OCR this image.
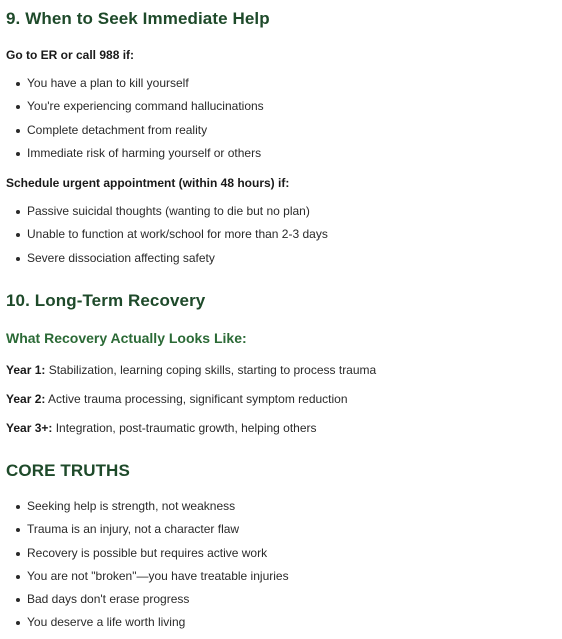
9. When to Seek Immediate Help

Go to ER or call 988 if:

You have a plan to kill yourself
You're experiencing command hallucinations
Complete detachment from reality
Immediate risk of harming yourself or others

Schedule urgent appointment (within 48 hours) if:

Passive suicidal thoughts (wanting to die but no plan)
Unable to function at work/school for more than 2-3 days
Severe dissociation affecting safety
10. Long-Term Recovery
What Recovery Actually Looks Like:

Year 1: Stabilization, learning coping skills, starting to process trauma

Year 2: Active trauma processing, significant symptom reduction

Year 3+: Integration, post-traumatic growth, helping others

CORE TRUTHS
Seeking help is strength, not weakness
Trauma is an injury, not a character flaw
Recovery is possible but requires active work
You are not "broken"—you have treatable injuries
Bad days don't erase progress
You deserve a life worth living
